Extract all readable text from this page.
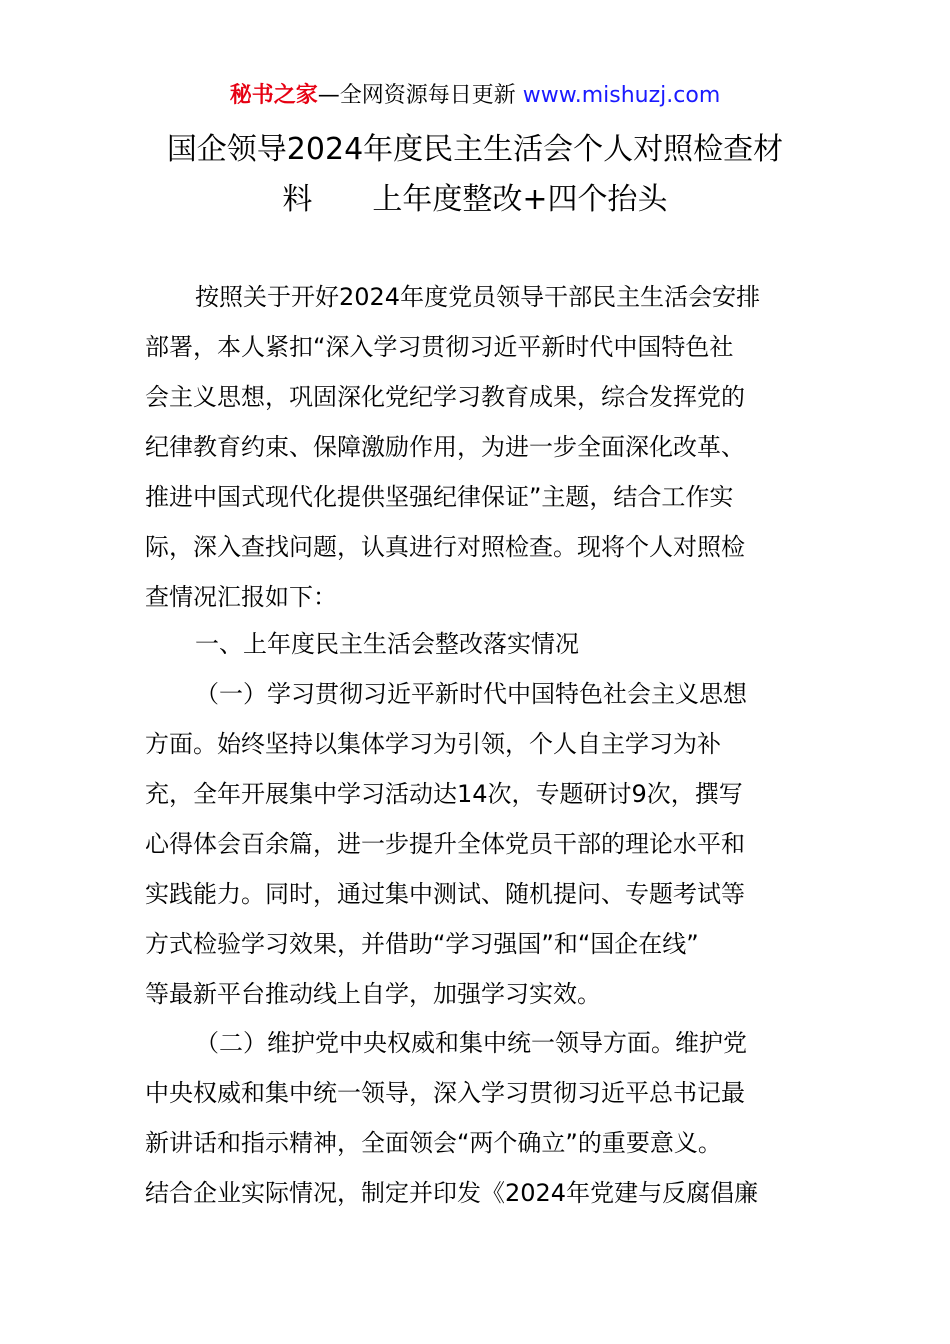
秘书之家—全网资源每日更新 www.mishuzj.com
国企领导2024年度民主生活会个人对照检查材
料　　上年度整改+四个抬头
按照关于开好2024年度党员领导干部民主生活会安排
部署，本人紧扣“深入学习贯彻习近平新时代中国特色社
会主义思想，巩固深化党纪学习教育成果，综合发挥党的
纪律教育约束、保障激励作用，为进一步全面深化改革、
推进中国式现代化提供坚强纪律保证”主题，结合工作实
际，深入查找问题，认真进行对照检查。现将个人对照检
查情况汇报如下：
一、上年度民主生活会整改落实情况
（一）学习贯彻习近平新时代中国特色社会主义思想
方面。始终坚持以集体学习为引领，个人自主学习为补
充，全年开展集中学习活动达14次，专题研讨9次，撰写
心得体会百余篇，进一步提升全体党员干部的理论水平和
实践能力。同时，通过集中测试、随机提问、专题考试等
方式检验学习效果，并借助“学习强国”和“国企在线”
等最新平台推动线上自学，加强学习实效。
（二）维护党中央权威和集中统一领导方面。维护党
中央权威和集中统一领导，深入学习贯彻习近平总书记最
新讲话和指示精神，全面领会“两个确立”的重要意义。
结合企业实际情况，制定并印发《2024年党建与反腐倡廉
